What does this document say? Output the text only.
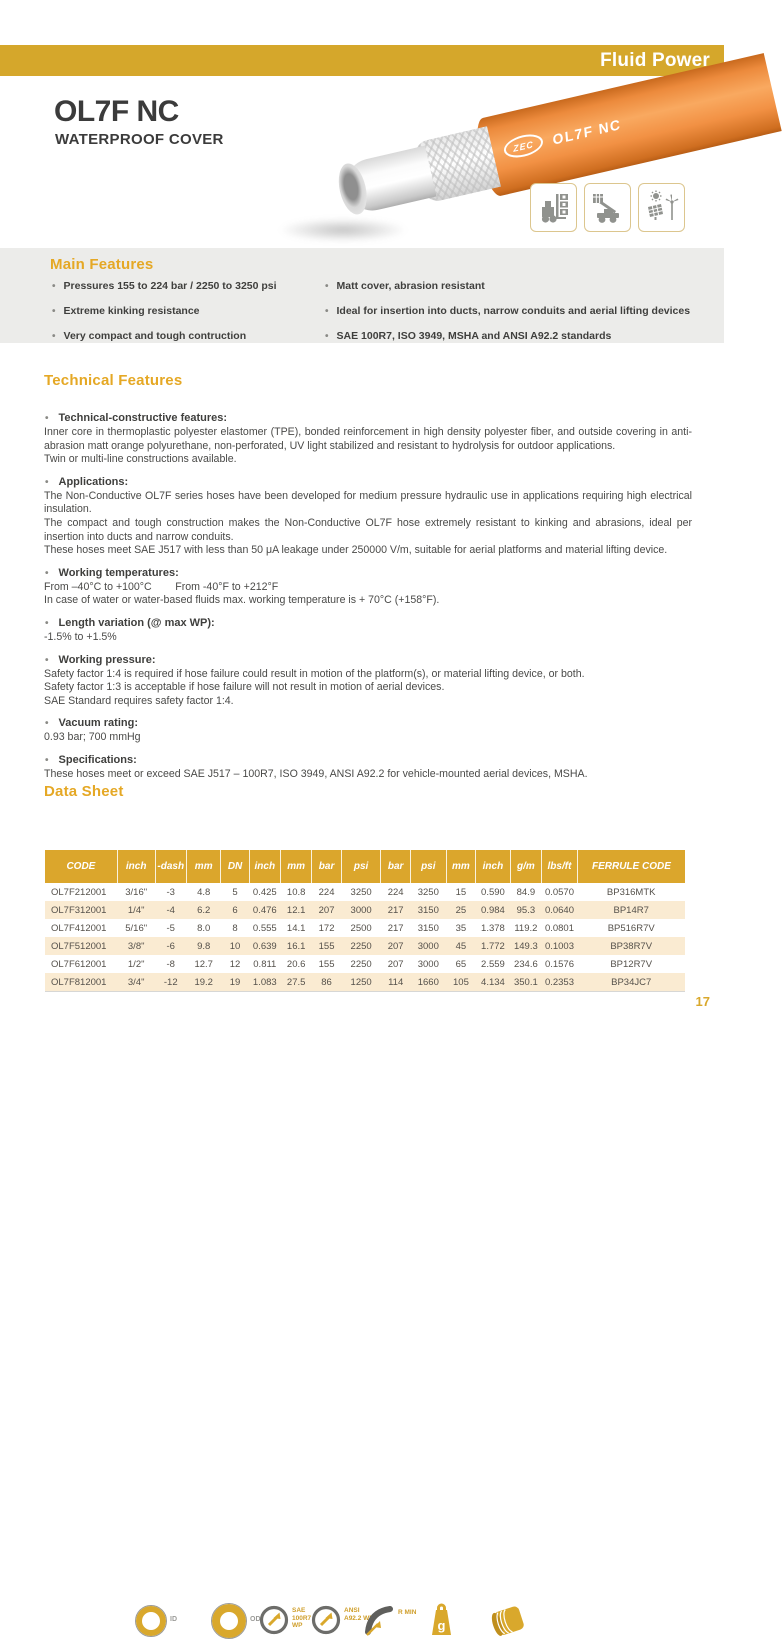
Fluid Power
OL7F NC
WATERPROOF COVER	ZEC	OL7F NC
Main Features
• Pressures 155 to 224 bar / 2250 to 3250 psi
• Extreme kinking resistance
• Very compact and tough contruction
• Matt cover, abrasion resistant
• Ideal for insertion into ducts, narrow conduits and aerial lifting devices
• SAE 100R7, ISO 3949, MSHA and ANSI A92.2 standards
Technical Features
• Technical-constructive features:
Inner core in thermoplastic polyester elastomer (TPE), bonded reinforcement in high density polyester fiber, and outside covering in anti-abrasion matt orange polyurethane, non-perforated, UV light stabilized and resistant to hydrolysis for outdoor applications.
Twin or multi-line constructions available.
• Applications:
The Non-Conductive OL7F series hoses have been developed for medium pressure hydraulic use in applications requiring high electrical insulation.
The compact and tough construction makes the Non-Conductive OL7F hose extremely resistant to kinking and abrasions, ideal per insertion into ducts and narrow conduits.
These hoses meet SAE J517 with less than 50 μA leakage under 250000 V/m, suitable for aerial platforms and material lifting device.
• Working temperatures:
From –40°C to +100°C        From -40°F to +212°F
In case of water or water-based fluids max. working temperature is + 70°C (+158°F).
• Length variation (@ max WP):
-1.5% to +1.5%
• Working pressure:
Safety factor 1:4 is required if hose failure could result in motion of the platform(s), or material lifting device, or both.
Safety factor 1:3 is acceptable if hose failure will not result in motion of aerial devices.
SAE Standard requires safety factor 1:4.
• Vacuum rating:
0.93 bar; 700 mmHg
• Specifications:
These hoses meet or exceed SAE J517 – 100R7, ISO 3949, ANSI A92.2 for vehicle-mounted aerial devices, MSHA.
Data Sheet
ID	OD
SAE 100R7 WP
ANSI A92.2 WP
R MIN
g
CODE	inch	-dash	mm	DN	inch	mm	bar	psi	bar	psi	mm	inch	g/m	lbs/ft	FERRULE CODE
OL7F212001	3/16"	-3	4.8	5	0.425	10.8	224	3250	224	3250	15	0.590	84.9	0.0570	BP316MTK
OL7F312001	1/4"	-4	6.2	6	0.476	12.1	207	3000	217	3150	25	0.984	95.3	0.0640	BP14R7
OL7F412001	5/16"	-5	8.0	8	0.555	14.1	172	2500	217	3150	35	1.378	119.2	0.0801	BP516R7V
OL7F512001	3/8"	-6	9.8	10	0.639	16.1	155	2250	207	3000	45	1.772	149.3	0.1003	BP38R7V
OL7F612001	1/2"	-8	12.7	12	0.811	20.6	155	2250	207	3000	65	2.559	234.6	0.1576	BP12R7V
OL7F812001	3/4"	-12	19.2	19	1.083	27.5	86	1250	114	1660	105	4.134	350.1	0.2353	BP34JC7
17
